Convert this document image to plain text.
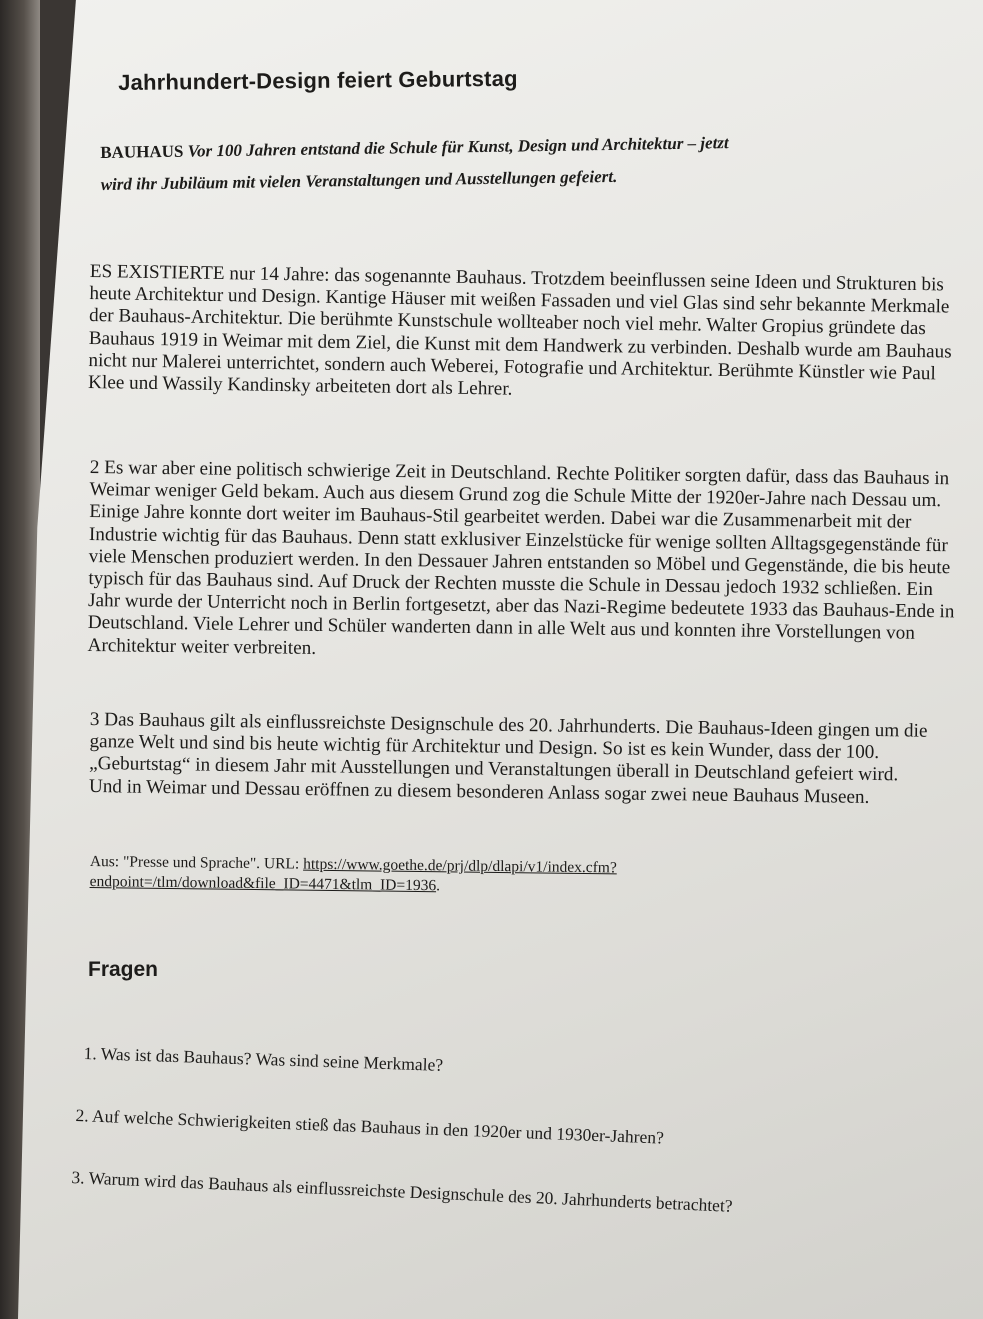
Jahrhundert-Design feiert Geburtstag
BAUHAUS Vor 100 Jahren entstand die Schule für Kunst, Design und Architektur – jetzt wird ihr Jubiläum mit vielen Veranstaltungen und Ausstellungen gefeiert.
ES EXISTIERTE nur 14 Jahre: das sogenannte Bauhaus. Trotzdem beeinflussen seine Ideen und Strukturen bis heute Architektur und Design. Kantige Häuser mit weißen Fassaden und viel Glas sind sehr bekannte Merkmale der Bauhaus-Architektur. Die berühmte Kunstschule wollteaber noch viel mehr. Walter Gropius gründete das Bauhaus 1919 in Weimar mit dem Ziel, die Kunst mit dem Handwerk zu verbinden. Deshalb wurde am Bauhaus nicht nur Malerei unterrichtet, sondern auch Weberei, Fotografie und Architektur. Berühmte Künstler wie Paul Klee und Wassily Kandinsky arbeiteten dort als Lehrer.
2 Es war aber eine politisch schwierige Zeit in Deutschland. Rechte Politiker sorgten dafür, dass das Bauhaus in Weimar weniger Geld bekam. Auch aus diesem Grund zog die Schule Mitte der 1920er-Jahre nach Dessau um. Einige Jahre konnte dort weiter im Bauhaus-Stil gearbeitet werden. Dabei war die Zusammenarbeit mit der Industrie wichtig für das Bauhaus. Denn statt exklusiver Einzelstücke für wenige sollten Alltagsgegenstände für viele Menschen produziert werden. In den Dessauer Jahren entstanden so Möbel und Gegenstände, die bis heute typisch für das Bauhaus sind. Auf Druck der Rechten musste die Schule in Dessau jedoch 1932 schließen. Ein Jahr wurde der Unterricht noch in Berlin fortgesetzt, aber das Nazi-Regime bedeutete 1933 das Bauhaus-Ende in Deutschland. Viele Lehrer und Schüler wanderten dann in alle Welt aus und konnten ihre Vorstellungen von Architektur weiter verbreiten.
3 Das Bauhaus gilt als einflussreichste Designschule des 20. Jahrhunderts. Die Bauhaus-Ideen gingen um die ganze Welt und sind bis heute wichtig für Architektur und Design. So ist es kein Wunder, dass der 100. „Geburtstag“ in diesem Jahr mit Ausstellungen und Veranstaltungen überall in Deutschland gefeiert wird. Und in Weimar und Dessau eröffnen zu diesem besonderen Anlass sogar zwei neue Bauhaus Museen.
Aus: "Presse und Sprache". URL: https://www.goethe.de/prj/dlp/dlapi/v1/index.cfm?endpoint=/tlm/download&file_ID=4471&tlm_ID=1936.
Fragen
1. Was ist das Bauhaus? Was sind seine Merkmale?
2. Auf welche Schwierigkeiten stieß das Bauhaus in den 1920er und 1930er-Jahren?
3. Warum wird das Bauhaus als einflussreichste Designschule des 20. Jahrhunderts betrachtet?
